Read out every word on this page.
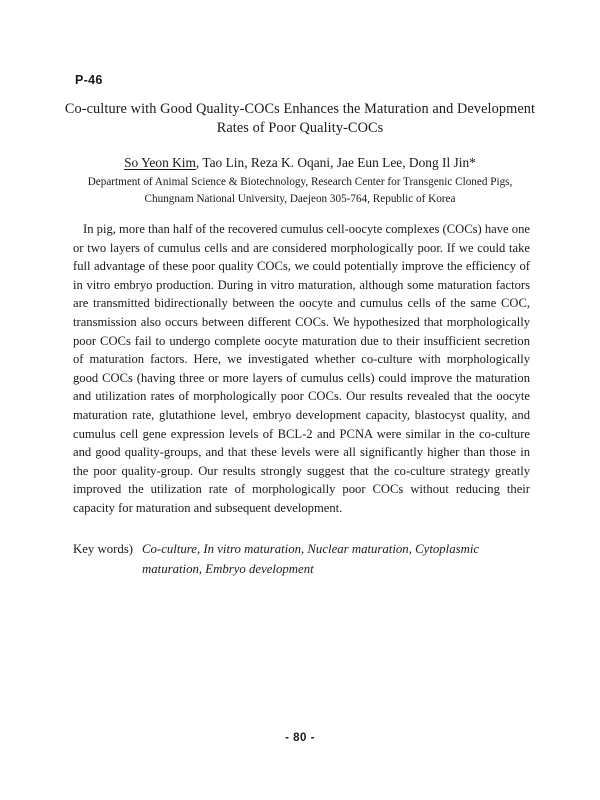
P-46
Co-culture with Good Quality-COCs Enhances the Maturation and Development
Rates of Poor Quality-COCs
So Yeon Kim, Tao Lin, Reza K. Oqani, Jae Eun Lee, Dong Il Jin*
Department of Animal Science & Biotechnology, Research Center for Transgenic Cloned Pigs,
Chungnam National University, Daejeon 305-764, Republic of Korea

In pig, more than half of the recovered cumulus cell-oocyte complexes (COCs) have one or two layers of cumulus cells and are considered morphologically poor. If we could take full advantage of these poor quality COCs, we could potentially improve the efficiency of in vitro embryo production. During in vitro maturation, although some maturation factors are transmitted bidirectionally between the oocyte and cumulus cells of the same COC, transmission also occurs between different COCs. We hypothesized that morphologically poor COCs fail to undergo complete oocyte maturation due to their insufficient secretion of maturation factors. Here, we investigated whether co-culture with morphologically good COCs (having three or more layers of cumulus cells) could improve the maturation and utilization rates of morphologically poor COCs. Our results revealed that the oocyte maturation rate, glutathione level, embryo development capacity, blastocyst quality, and cumulus cell gene expression levels of BCL-2 and PCNA were similar in the co-culture and good quality-groups, and that these levels were all significantly higher than those in the poor quality-group. Our results strongly suggest that the co-culture strategy greatly improved the utilization rate of morphologically poor COCs without reducing their capacity for maturation and subsequent development.

Key words) Co-culture, In vitro maturation, Nuclear maturation, Cytoplasmic
maturation, Embryo development
- 80 -
